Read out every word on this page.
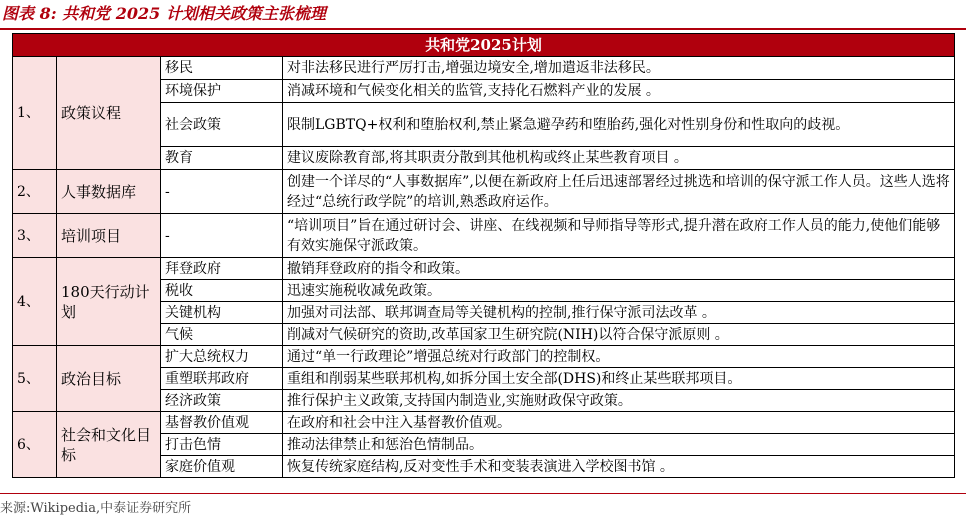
图表 8: 共和党 2025 计划相关政策主张梳理
共和党2025计划			
1、	政策议程	移民	对非法移民进行严厉打击,增强边境安全,增加遣返非法移民。
		环境保护	消减环境和气候变化相关的监管,支持化石燃料产业的发展 。
		社会政策	限制LGBTQ+权利和堕胎权利,禁止紧急避孕药和堕胎药,强化对性别身份和性取向的歧视。
		教育	建议废除教育部,将其职责分散到其他机构或终止某些教育项目 。
2、	人事数据库	-	创建一个详尽的“人事数据库”,以便在新政府上任后迅速部署经过挑选和培训的保守派工作人员。这些人选将经过“总统行政学院”的培训,熟悉政府运作。
3、	培训项目	-	“培训项目”旨在通过研讨会、讲座、在线视频和导师指导等形式,提升潜在政府工作人员的能力,使他们能够有效实施保守派政策。
4、	180天行动计划	拜登政府	撤销拜登政府的指令和政策。
		税收	迅速实施税收减免政策。
		关键机构	加强对司法部、联邦调查局等关键机构的控制,推行保守派司法改革 。
		气候	削减对气候研究的资助,改革国家卫生研究院(NIH)以符合保守派原则 。
5、	政治目标	扩大总统权力	通过“单一行政理论”增强总统对行政部门的控制权。
		重塑联邦政府	重组和削弱某些联邦机构,如拆分国土安全部(DHS)和终止某些联邦项目。
		经济政策	推行保护主义政策,支持国内制造业,实施财政保守政策。
6、	社会和文化目标	基督教价值观	在政府和社会中注入基督教价值观。
		打击色情	推动法律禁止和惩治色情制品。
		家庭价值观	恢复传统家庭结构,反对变性手术和变装表演进入学校图书馆 。
来源:Wikipedia,中泰证券研究所
